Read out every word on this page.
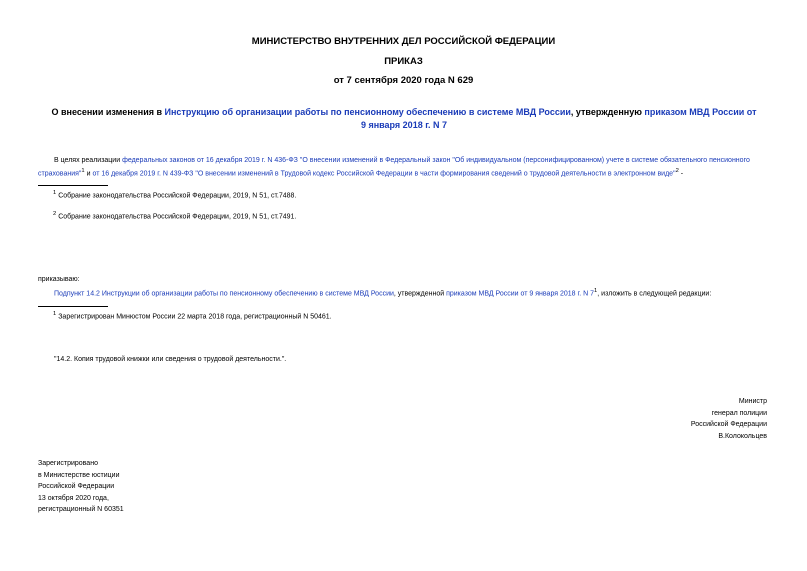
МИНИСТЕРСТВО ВНУТРЕННИХ ДЕЛ РОССИЙСКОЙ ФЕДЕРАЦИИ
ПРИКАЗ
от 7 сентября 2020 года N 629
О внесении изменения в Инструкцию об организации работы по пенсионному обеспечению в системе МВД России, утвержденную приказом МВД России от 9 января 2018 г. N 7
В целях реализации федеральных законов от 16 декабря 2019 г. N 436-ФЗ "О внесении изменений в Федеральный закон "Об индивидуальном (персонифицированном) учете в системе обязательного пенсионного страхования"$^1$ и от 16 декабря 2019 г. N 439-ФЗ "О внесении изменений в Трудовой кодекс Российской Федерации в части формирования сведений о трудовой деятельности в электронном виде"$^2$ -
$^1$ Собрание законодательства Российской Федерации, 2019, N 51, ст.7488.
$^2$ Собрание законодательства Российской Федерации, 2019, N 51, ст.7491.
приказываю:
Подпункт 14.2 Инструкции об организации работы по пенсионному обеспечению в системе МВД России, утвержденной приказом МВД России от 9 января 2018 г. N $7^1$, изложить в следующей редакции:
$^1$ Зарегистрирован Минюстом России 22 марта 2018 года, регистрационный N 50461.
"14.2. Копия трудовой книжки или сведения о трудовой деятельности.".
Министр
генерал полиции
Российской Федерации
В.Колокольцев
Зарегистрировано
в Министерстве юстиции
Российской Федерации
13 октября 2020 года,
регистрационный N 60351
